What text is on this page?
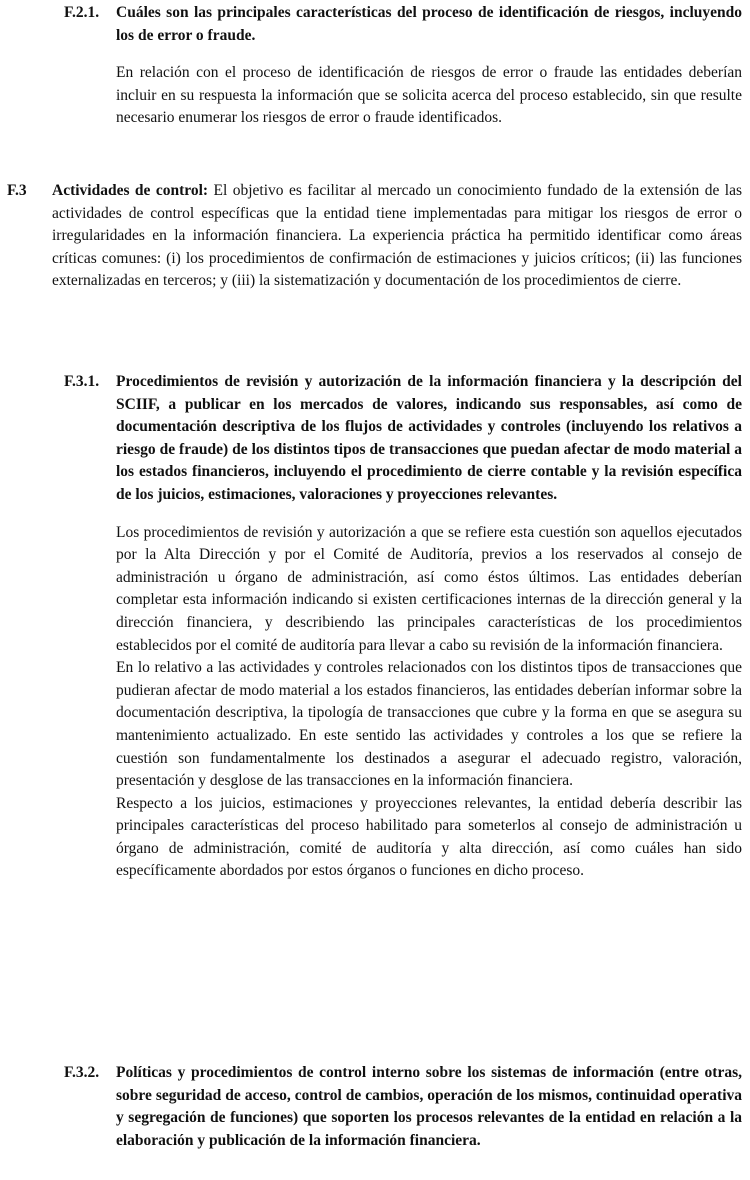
F.2.1. Cuáles son las principales características del proceso de identificación de riesgos, incluyendo los de error o fraude.

En relación con el proceso de identificación de riesgos de error o fraude las entidades deberían incluir en su respuesta la información que se solicita acerca del proceso establecido, sin que resulte necesario enumerar los riesgos de error o fraude identificados.

F.3 Actividades de control: El objetivo es facilitar al mercado un conocimiento fundado de la extensión de las actividades de control específicas que la entidad tiene implementadas para mitigar los riesgos de error o irregularidades en la información financiera. La experiencia práctica ha permitido identificar como áreas críticas comunes: (i) los procedimientos de confirmación de estimaciones y juicios críticos; (ii) las funciones externalizadas en terceros; y (iii) la sistematización y documentación de los procedimientos de cierre.

F.3.1. Procedimientos de revisión y autorización de la información financiera y la descripción del SCIIF, a publicar en los mercados de valores, indicando sus responsables, así como de documentación descriptiva de los flujos de actividades y controles (incluyendo los relativos a riesgo de fraude) de los distintos tipos de transacciones que puedan afectar de modo material a los estados financieros, incluyendo el procedimiento de cierre contable y la revisión específica de los juicios, estimaciones, valoraciones y proyecciones relevantes.

Los procedimientos de revisión y autorización a que se refiere esta cuestión son aquellos ejecutados por la Alta Dirección y por el Comité de Auditoría, previos a los reservados al consejo de administración u órgano de administración, así como éstos últimos. Las entidades deberían completar esta información indicando si existen certificaciones internas de la dirección general y la dirección financiera, y describiendo las principales características de los procedimientos establecidos por el comité de auditoría para llevar a cabo su revisión de la información financiera.

En lo relativo a las actividades y controles relacionados con los distintos tipos de transacciones que pudieran afectar de modo material a los estados financieros, las entidades deberían informar sobre la documentación descriptiva, la tipología de transacciones que cubre y la forma en que se asegura su mantenimiento actualizado. En este sentido las actividades y controles a los que se refiere la cuestión son fundamentalmente los destinados a asegurar el adecuado registro, valoración, presentación y desglose de las transacciones en la información financiera.

Respecto a los juicios, estimaciones y proyecciones relevantes, la entidad debería describir las principales características del proceso habilitado para someterlos al consejo de administración u órgano de administración, comité de auditoría y alta dirección, así como cuáles han sido específicamente abordados por estos órganos o funciones en dicho proceso.

F.3.2. Políticas y procedimientos de control interno sobre los sistemas de información (entre otras, sobre seguridad de acceso, control de cambios, operación de los mismos, continuidad operativa y segregación de funciones) que soporten los procesos relevantes de la entidad en relación a la elaboración y publicación de la información financiera.
